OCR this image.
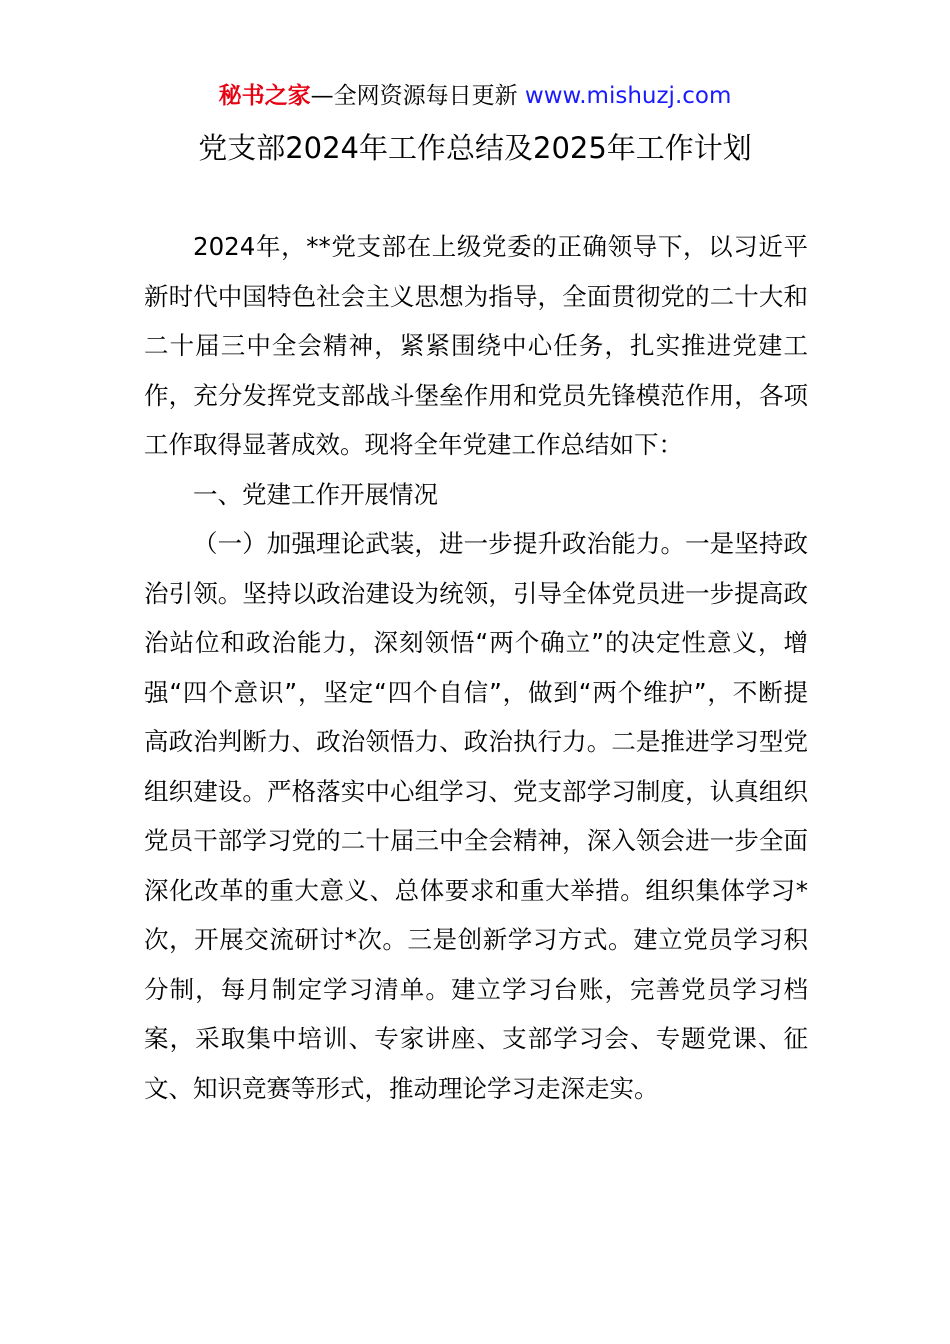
秘书之家—全网资源每日更新 www.mishuzj.com
党支部2024年工作总结及2025年工作计划

2024年，**党支部在上级党委的正确领导下，以习近平新时代中国特色社会主义思想为指导，全面贯彻党的二十大和二十届三中全会精神，紧紧围绕中心任务，扎实推进党建工作，充分发挥党支部战斗堡垒作用和党员先锋模范作用，各项工作取得显著成效。现将全年党建工作总结如下：

一、党建工作开展情况

（一）加强理论武装，进一步提升政治能力。一是坚持政治引领。坚持以政治建设为统领，引导全体党员进一步提高政治站位和政治能力，深刻领悟“两个确立”的决定性意义，增强“四个意识”，坚定“四个自信”，做到“两个维护”，不断提高政治判断力、政治领悟力、政治执行力。二是推进学习型党组织建设。严格落实中心组学习、党支部学习制度，认真组织党员干部学习党的二十届三中全会精神，深入领会进一步全面深化改革的重大意义、总体要求和重大举措。组织集体学习*次，开展交流研讨*次。三是创新学习方式。建立党员学习积分制，每月制定学习清单。建立学习台账，完善党员学习档案，采取集中培训、专家讲座、支部学习会、专题党课、征文、知识竞赛等形式，推动理论学习走深走实。
